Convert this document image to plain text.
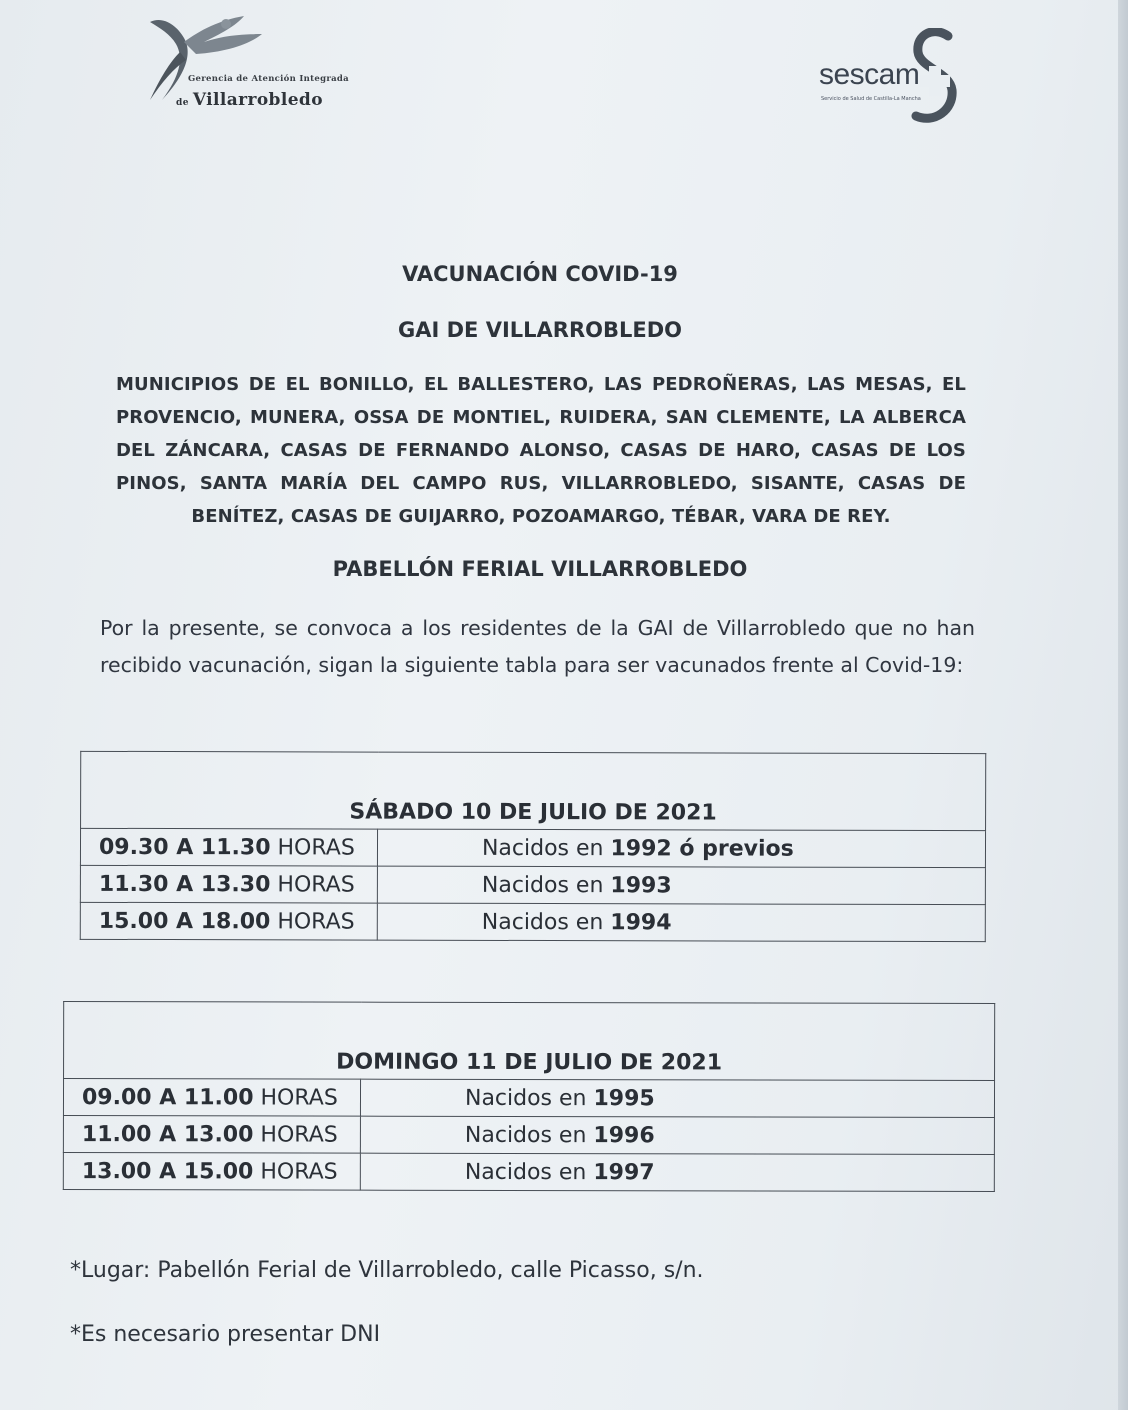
Gerencia de Atención Integrada
de Villarrobledo
sescam
Servicio de Salud de Castilla-La Mancha
VACUNACIÓN COVID-19
GAI DE VILLARROBLEDO
MUNICIPIOS DE EL BONILLO, EL BALLESTERO, LAS PEDROÑERAS, LAS MESAS, EL PROVENCIO, MUNERA, OSSA DE MONTIEL, RUIDERA, SAN CLEMENTE, LA ALBERCA DEL ZÁNCARA, CASAS DE FERNANDO ALONSO, CASAS DE HARO, CASAS DE LOS PINOS, SANTA MARÍA DEL CAMPO RUS, VILLARROBLEDO, SISANTE, CASAS DE BENÍTEZ, CASAS DE GUIJARRO, POZOAMARGO, TÉBAR, VARA DE REY.
PABELLÓN FERIAL VILLARROBLEDO
Por la presente, se convoca a los residentes de la GAI de Villarrobledo que no han recibido vacunación, sigan la siguiente tabla para ser vacunados frente al Covid-19:
SÁBADO 10 DE JULIO DE 2021	
09.30 A 11.30 HORAS	Nacidos en 1992 ó previos
11.30 A 13.30 HORAS	Nacidos en 1993
15.00 A 18.00 HORAS	Nacidos en 1994
DOMINGO 11 DE JULIO DE 2021	
09.00 A 11.00 HORAS	Nacidos en 1995
11.00 A 13.00 HORAS	Nacidos en 1996
13.00 A 15.00 HORAS	Nacidos en 1997
*Lugar: Pabellón Ferial de Villarrobledo, calle Picasso, s/n.
*Es necesario presentar DNI
